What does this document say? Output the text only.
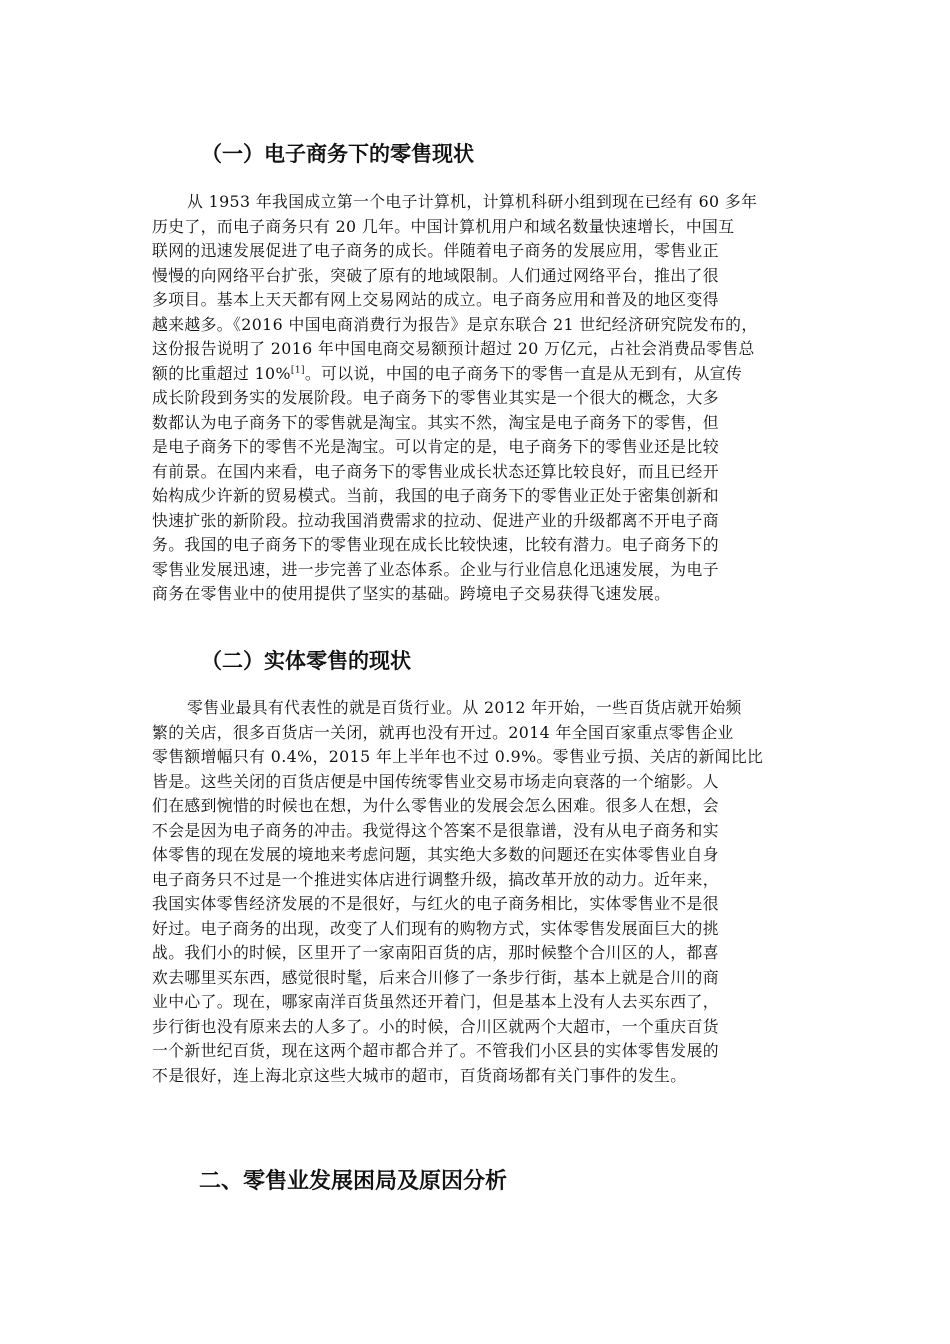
（一）电子商务下的零售现状
从 1953 年我国成立第一个电子计算机，计算机科研小组到现在已经有 60 多年
历史了，而电子商务只有 20 几年。中国计算机用户和域名数量快速增长，中国互
联网的迅速发展促进了电子商务的成长。伴随着电子商务的发展应用，零售业正
慢慢的向网络平台扩张，突破了原有的地域限制。人们通过网络平台，推出了很
多项目。基本上天天都有网上交易网站的成立。电子商务应用和普及的地区变得
越来越多。《2016 中国电商消费行为报告》是京东联合 21 世纪经济研究院发布的，
这份报告说明了 2016 年中国电商交易额预计超过 20 万亿元，占社会消费品零售总
额的比重超过 10%[1]。可以说，中国的电子商务下的零售一直是从无到有，从宣传
成长阶段到务实的发展阶段。电子商务下的零售业其实是一个很大的概念，大多
数都认为电子商务下的零售就是淘宝。其实不然，淘宝是电子商务下的零售，但
是电子商务下的零售不光是淘宝。可以肯定的是，电子商务下的零售业还是比较
有前景。在国内来看，电子商务下的零售业成长状态还算比较良好，而且已经开
始构成少许新的贸易模式。当前，我国的电子商务下的零售业正处于密集创新和
快速扩张的新阶段。拉动我国消费需求的拉动、促进产业的升级都离不开电子商
务。我国的电子商务下的零售业现在成长比较快速，比较有潜力。电子商务下的
零售业发展迅速，进一步完善了业态体系。企业与行业信息化迅速发展，为电子
商务在零售业中的使用提供了坚实的基础。跨境电子交易获得飞速发展。
（二）实体零售的现状
零售业最具有代表性的就是百货行业。从 2012 年开始，一些百货店就开始频
繁的关店，很多百货店一关闭，就再也没有开过。2014 年全国百家重点零售企业
零售额增幅只有 0.4%，2015 年上半年也不过 0.9%。零售业亏损、关店的新闻比比
皆是。这些关闭的百货店便是中国传统零售业交易市场走向衰落的一个缩影。人
们在感到惋惜的时候也在想，为什么零售业的发展会怎么困难。很多人在想，会
不会是因为电子商务的冲击。我觉得这个答案不是很靠谱，没有从电子商务和实
体零售的现在发展的境地来考虑问题，其实绝大多数的问题还在实体零售业自身
电子商务只不过是一个推进实体店进行调整升级，搞改革开放的动力。近年来，
我国实体零售经济发展的不是很好，与红火的电子商务相比，实体零售业不是很
好过。电子商务的出现，改变了人们现有的购物方式，实体零售发展面巨大的挑
战。我们小的时候，区里开了一家南阳百货的店，那时候整个合川区的人，都喜
欢去哪里买东西，感觉很时髦，后来合川修了一条步行街，基本上就是合川的商
业中心了。现在，哪家南洋百货虽然还开着门，但是基本上没有人去买东西了，
步行街也没有原来去的人多了。小的时候，合川区就两个大超市，一个重庆百货
一个新世纪百货，现在这两个超市都合并了。不管我们小区县的实体零售发展的
不是很好，连上海北京这些大城市的超市，百货商场都有关门事件的发生。
二、零售业发展困局及原因分析
